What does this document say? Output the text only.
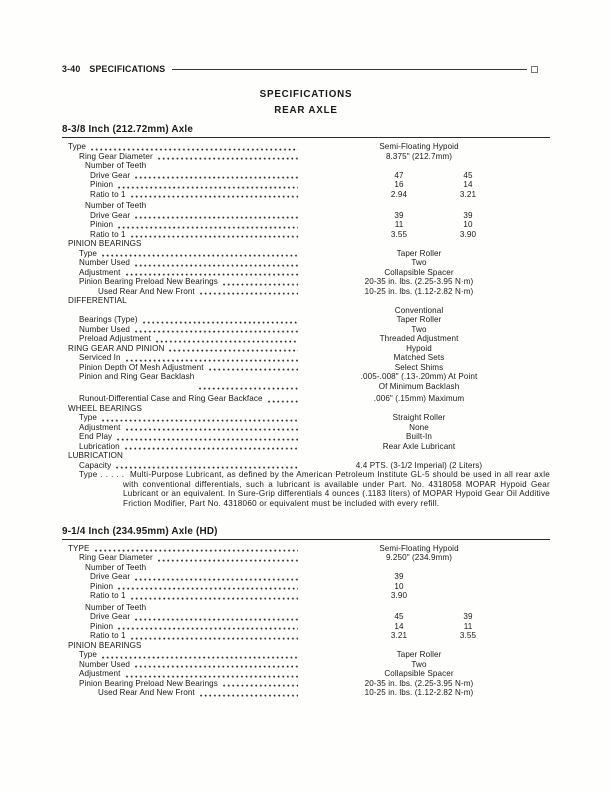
3-40 SPECIFICATIONS
SPECIFICATIONS
REAR AXLE
8-3/8 Inch (212.72mm) Axle
Type	Semi-Floating Hypoid
Ring Gear Diameter	8.375" (212.7mm)
Number of Teeth
Drive Gear	47	45
Pinion	16	14
Ratio to 1	2.94	3.21
Number of Teeth
Drive Gear	39	39
Pinion	11	10
Ratio to 1	3.55	3.90
PINION BEARINGS
Type	Taper Roller
Number Used	Two
Adjustment	Collapsible Spacer
Pinion Bearing Preload New Bearings	20-35 in. lbs. (2.25-3.95 N·m)
Used Rear And New Front	10-25 in. lbs. (1.12-2.82 N·m)
DIFFERENTIAL
Conventional
Bearings (Type)	Taper Roller
Number Used	Two
Preload Adjustment	Threaded Adjustment
RING GEAR AND PINION	Hypoid
Serviced In	Matched Sets
Pinion Depth Of Mesh Adjustment	Select Shims
Pinion and Ring Gear Backlash	.005-.008" (.13-.20mm) At Point
Of Minimum Backlash
Runout-Differential Case and Ring Gear Backface	.006" (.15mm) Maximum
WHEEL BEARINGS
Type	Straight Roller
Adjustment	None
End Play	Built-In
Lubrication	Rear Axle Lubricant
LUBRICATION
Capacity	4.4 PTS. (3-1/2 Imperial) (2 Liters)
Type . . . . .  Multi-Purpose Lubricant, as defined by the American Petroleum Institute GL-5 should be used in all rear axle with conventional differentials, such a lubricant is available under Part. No. 4318058 MOPAR Hypoid Gear Lubricant or an equivalent. In Sure-Grip differentials 4 ounces (.1183 liters) of MOPAR Hypoid Gear Oil Additive Friction Modifier, Part No. 4318060 or equivalent must be included with every refill.
9-1/4 Inch (234.95mm) Axle (HD)
TYPE	Semi-Floating Hypoid
Ring Gear Diameter	9.250" (234.9mm)
Number of Teeth
Drive Gear	39
Pinion	10
Ratio to 1	3.90
Number of Teeth
Drive Gear	45	39
Pinion	14	11
Ratio to 1	3.21	3.55
PINION BEARINGS
Type	Taper Roller
Number Used	Two
Adjustment	Collapsible Spacer
Pinion Bearing Preload New Bearings	20-35 in. lbs. (2.25-3.95 N-m)
Used Rear And New Front	10-25 in. lbs. (1.12-2.82 N-m)
